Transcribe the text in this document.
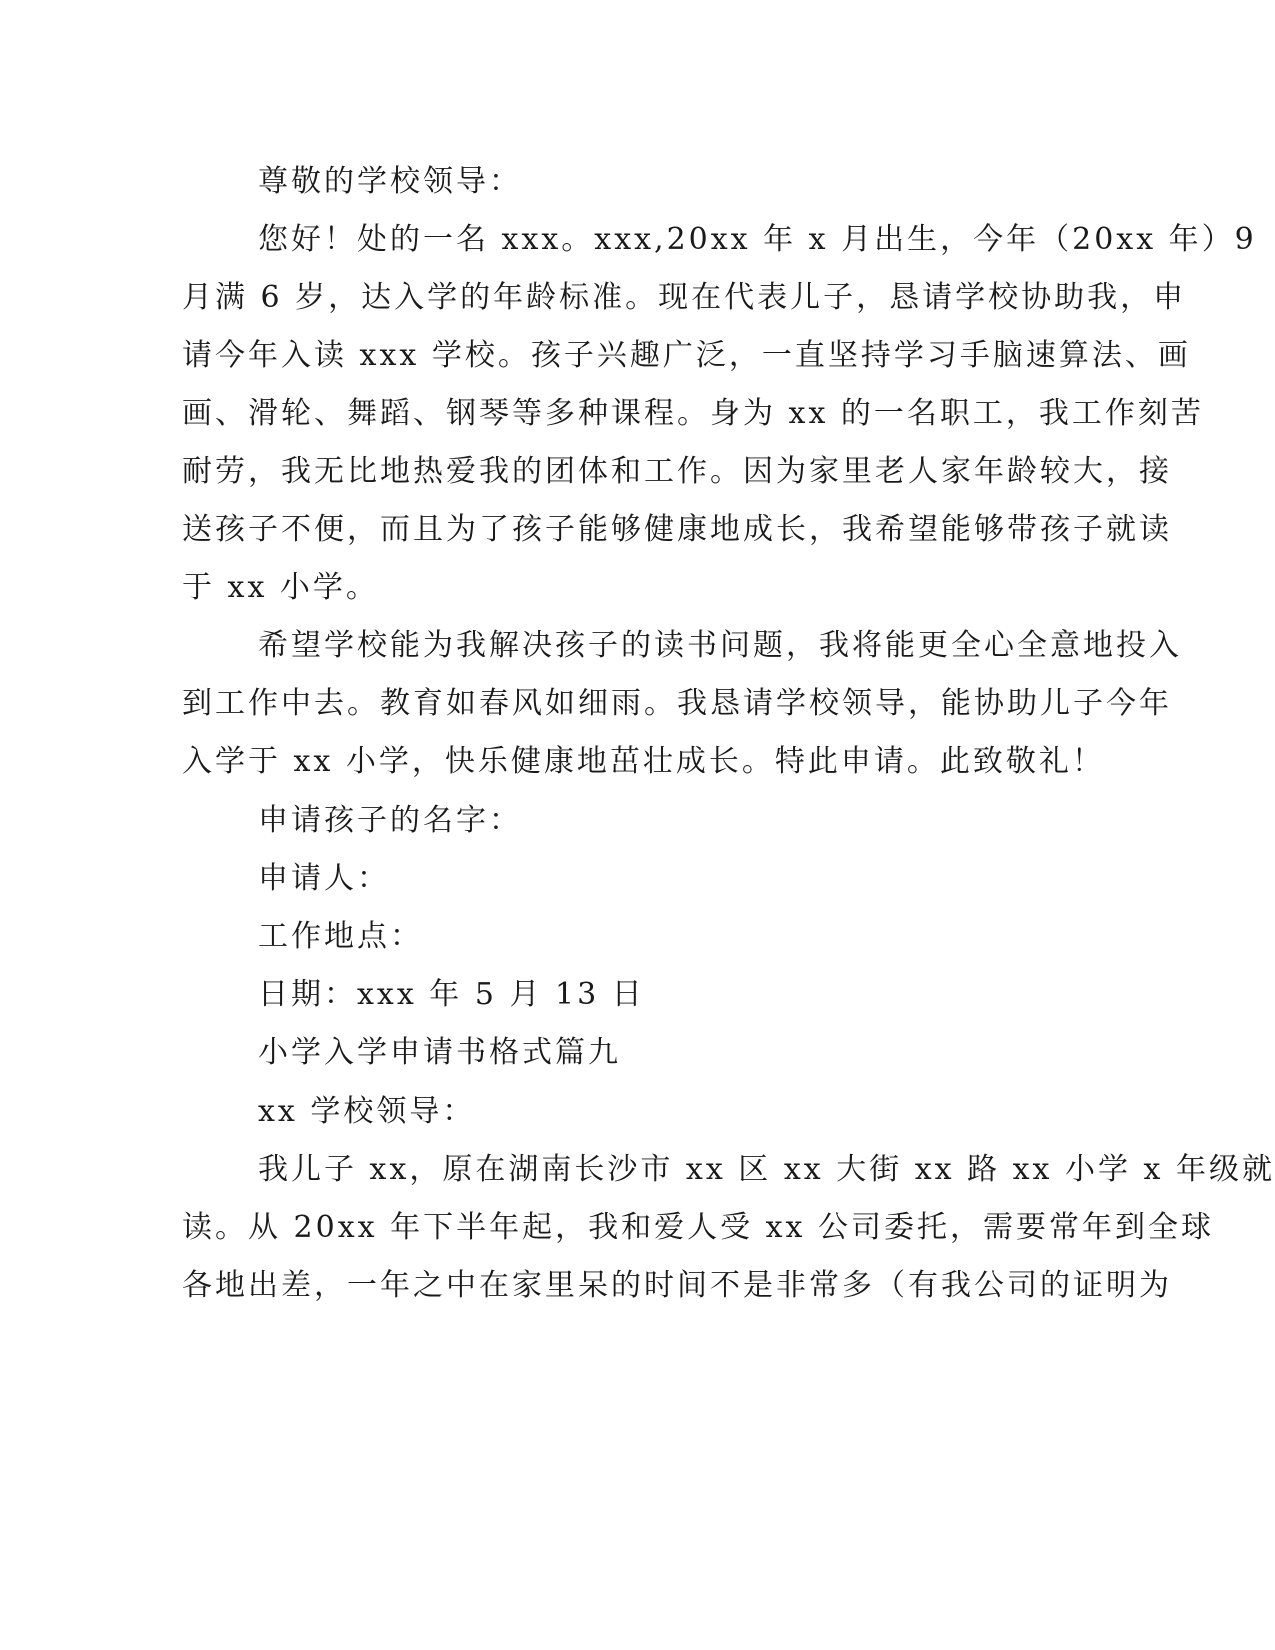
尊敬的学校领导：
您好！处的一名 xxx。xxx,20xx 年 x 月出生，今年（20xx 年）9
月满 6 岁，达入学的年龄标准。现在代表儿子，恳请学校协助我，申
请今年入读 xxx 学校。孩子兴趣广泛，一直坚持学习手脑速算法、画
画、滑轮、舞蹈、钢琴等多种课程。身为 xx 的一名职工，我工作刻苦
耐劳，我无比地热爱我的团体和工作。因为家里老人家年龄较大，接
送孩子不便，而且为了孩子能够健康地成长，我希望能够带孩子就读
于 xx 小学。
希望学校能为我解决孩子的读书问题，我将能更全心全意地投入
到工作中去。教育如春风如细雨。我恳请学校领导，能协助儿子今年
入学于 xx 小学，快乐健康地茁壮成长。特此申请。此致敬礼！
申请孩子的名字：
申请人：
工作地点：
日期：xxx 年 5 月 13 日
小学入学申请书格式篇九
xx 学校领导：
我儿子 xx，原在湖南长沙市 xx 区 xx 大街 xx 路 xx 小学 x 年级就
读。从 20xx 年下半年起，我和爱人受 xx 公司委托，需要常年到全球
各地出差，一年之中在家里呆的时间不是非常多（有我公司的证明为
